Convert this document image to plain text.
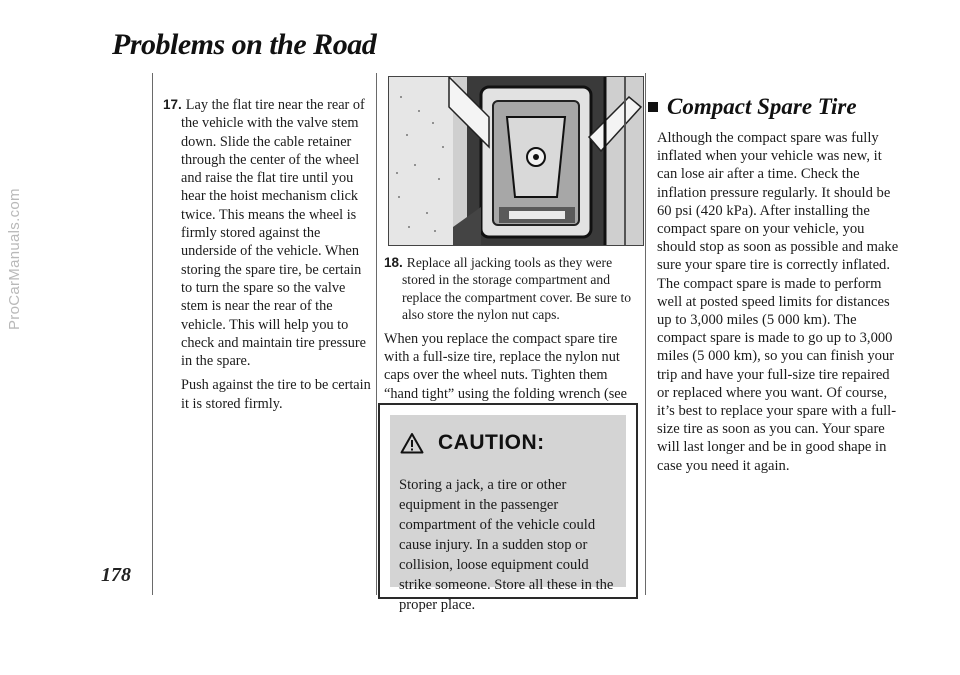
ProCarManuals.com
Problems on the Road
178

17. Lay the flat tire near the rear of the vehicle with the valve stem down. Slide the cable retainer through the center of the wheel and raise the flat tire until you hear the hoist mechanism click twice. This means the wheel is firmly stored against the underside of the vehicle. When storing the spare tire, be certain to turn the spare so the valve stem is near the rear of the vehicle. This will help you to check and maintain tire pressure in the spare.

Push against the tire to be certain it is stored firmly.

18. Replace all jacking tools as they were stored in the storage compartment and replace the compartment cover. Be sure to also store the nylon nut caps.

When you replace the compact spare tire with a full-size tire, replace the nylon nut caps over the wheel nuts. Tighten them “hand tight” using the folding wrench (see

CAUTION:
Storing a jack, a tire or other equipment in the passenger compartment of the vehicle could cause injury. In a sudden stop or collision, loose equipment could strike someone. Store all these in the proper place.
Compact Spare Tire

Although the compact spare was fully inflated when your vehicle was new, it can lose air after a time. Check the inflation pressure regularly. It should be 60 psi (420 kPa). After installing the compact spare on your vehicle, you should stop as soon as possible and make sure your spare tire is correctly inflated. The compact spare is made to perform well at posted speed limits for distances up to 3,000 miles (5 000 km). The compact spare is made to go up to 3,000 miles (5 000 km), so you can finish your trip and have your full-size tire repaired or replaced where you want. Of course, it’s best to replace your spare with a full-size tire as soon as you can. Your spare will last longer and be in good shape in case you need it again.
